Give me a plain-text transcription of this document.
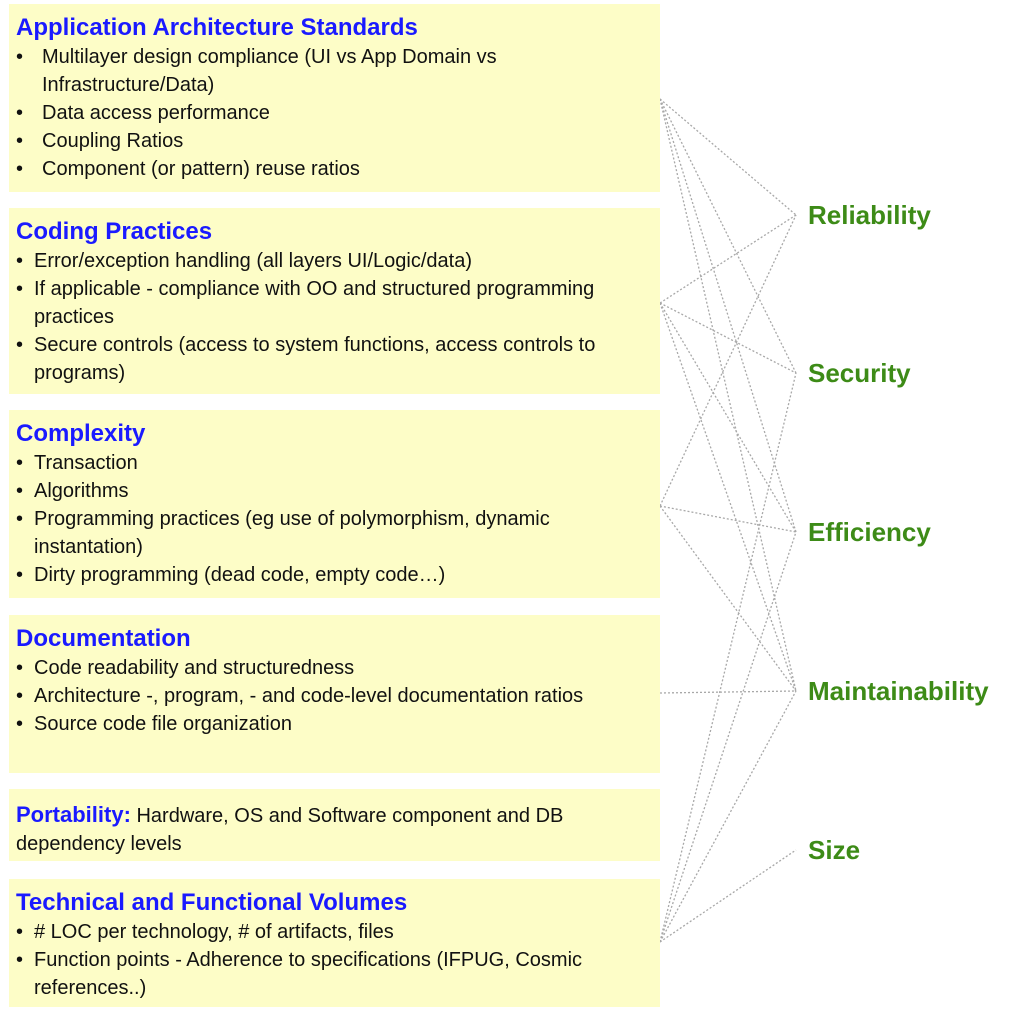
Application Architecture Standards
• Multilayer design compliance (UI vs App Domain vs Infrastructure/Data)
• Data access performance
• Coupling Ratios
• Component (or pattern) reuse ratios
Coding Practices
• Error/exception handling (all layers UI/Logic/data)
• If applicable - compliance with OO and structured programming practices
• Secure controls (access to system functions, access controls to programs)
Complexity
• Transaction
• Algorithms
• Programming practices (eg use of polymorphism, dynamic instantation)
• Dirty programming (dead code, empty code…)
Documentation
• Code readability and structuredness
• Architecture -, program, - and code-level documentation ratios
• Source code file organization
Portability: Hardware, OS and Software component and DB dependency levels
Technical and Functional Volumes
• # LOC per technology, # of artifacts, files
• Function points - Adherence to specifications (IFPUG, Cosmic references..)
Reliability
Security
Efficiency
Maintainability
Size
